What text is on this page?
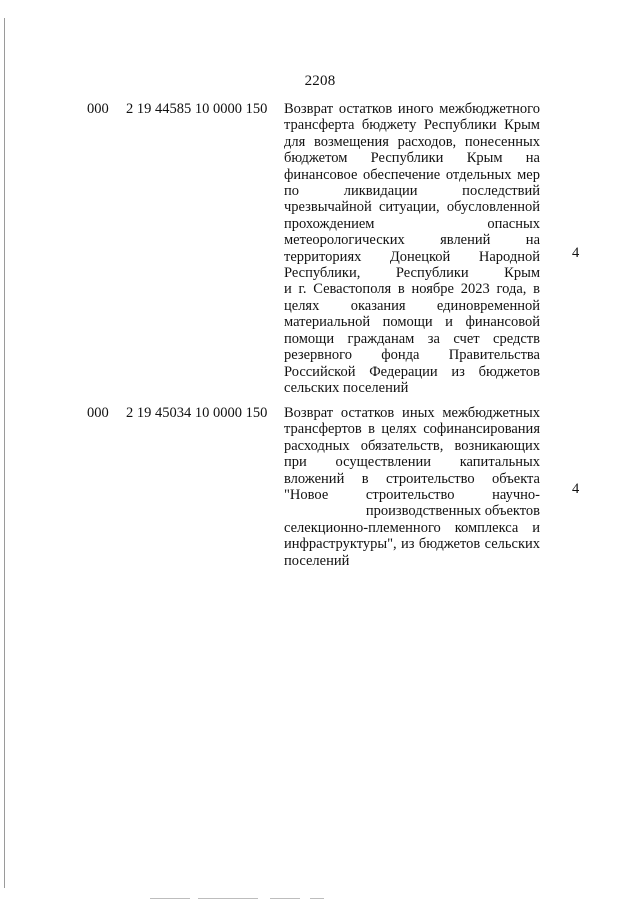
2208
000 2 19 44585 10 0000 150 Возврат остатков иного межбюджетного
трансферта бюджету Республики Крым
для возмещения расходов, понесенных
бюджетом Республики Крым на
финансовое обеспечение отдельных мер
по ликвидации последствий
чрезвычайной ситуации, обусловленной
прохождением опасных
метеорологических явлений на
территориях Донецкой Народной
Республики, Республики Крым
и г. Севастополя в ноябре 2023 года, в
целях оказания единовременной
материальной помощи и финансовой
помощи гражданам за счет средств
резервного фонда Правительства
Российской Федерации из бюджетов
сельских поселений
4
000 2 19 45034 10 0000 150 Возврат остатков иных межбюджетных
трансфертов в целях софинансирования
расходных обязательств, возникающих
при осуществлении капитальных
вложений в строительство объекта
"Новое строительство научно-
производственных объектов
селекционно-племенного комплекса и
инфраструктуры", из бюджетов сельских
поселений
4
